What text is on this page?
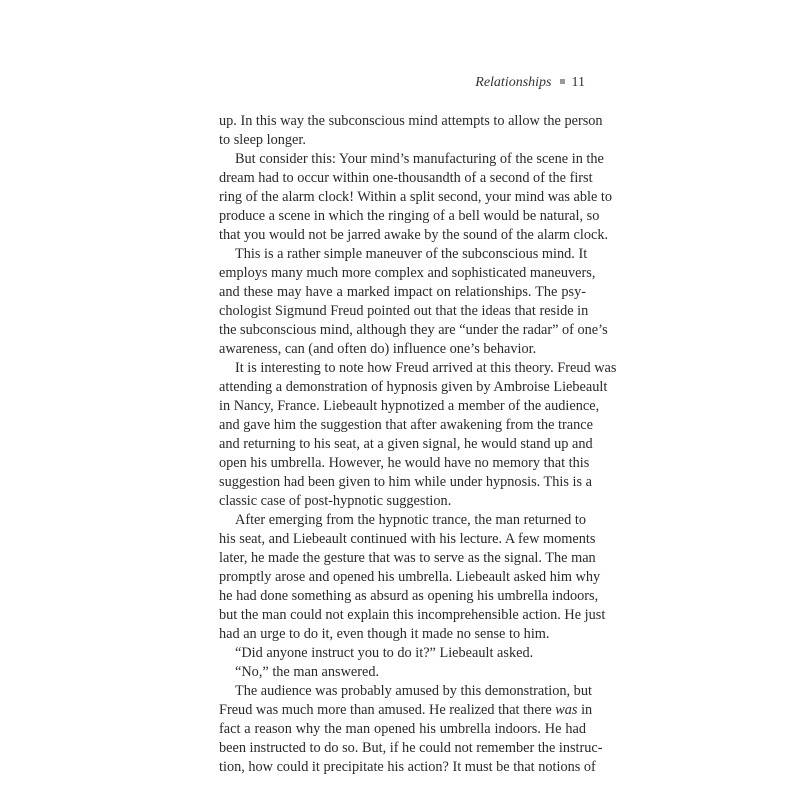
Relationships 11
up. In this way the subconscious mind attempts to allow the person
to sleep longer.
But consider this: Your mind’s manufacturing of the scene in the
dream had to occur within one-thousandth of a second of the first
ring of the alarm clock! Within a split second, your mind was able to
produce a scene in which the ringing of a bell would be natural, so
that you would not be jarred awake by the sound of the alarm clock.
This is a rather simple maneuver of the subconscious mind. It
employs many much more complex and sophisticated maneuvers,
and these may have a marked impact on relationships. The psy-
chologist Sigmund Freud pointed out that the ideas that reside in
the subconscious mind, although they are “under the radar” of one’s
awareness, can (and often do) influence one’s behavior.
It is interesting to note how Freud arrived at this theory. Freud was
attending a demonstration of hypnosis given by Ambroise Liebeault
in Nancy, France. Liebeault hypnotized a member of the audience,
and gave him the suggestion that after awakening from the trance
and returning to his seat, at a given signal, he would stand up and
open his umbrella. However, he would have no memory that this
suggestion had been given to him while under hypnosis. This is a
classic case of post-hypnotic suggestion.
After emerging from the hypnotic trance, the man returned to
his seat, and Liebeault continued with his lecture. A few moments
later, he made the gesture that was to serve as the signal. The man
promptly arose and opened his umbrella. Liebeault asked him why
he had done something as absurd as opening his umbrella indoors,
but the man could not explain this incomprehensible action. He just
had an urge to do it, even though it made no sense to him.
“Did anyone instruct you to do it?” Liebeault asked.
“No,” the man answered.
The audience was probably amused by this demonstration, but
Freud was much more than amused. He realized that there was in
fact a reason why the man opened his umbrella indoors. He had
been instructed to do so. But, if he could not remember the instruc-
tion, how could it precipitate his action? It must be that notions of
